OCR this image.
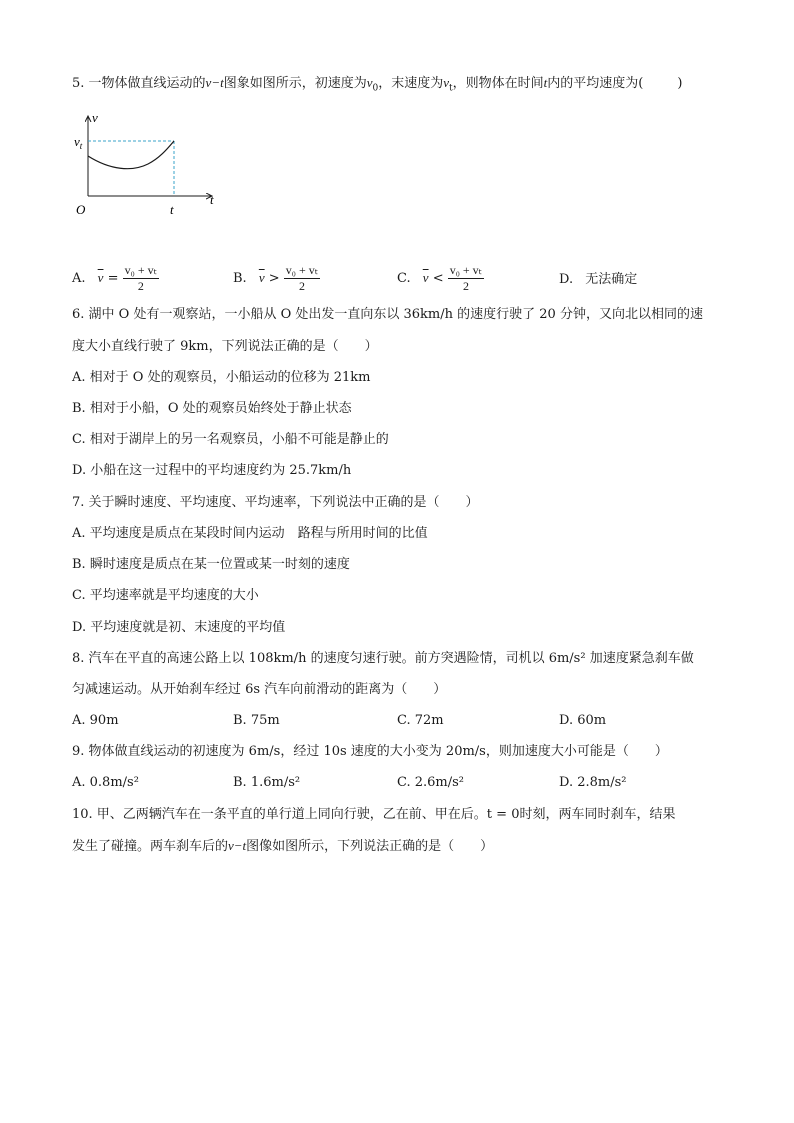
5. 一物体做直线运动的v−t图象如图所示，初速度为$v_0$，末速度为$v_t$，则物体在时间t内的平均速度为(	)
v
t
O
$v_t$
t
A. $\overline{v} = \frac{\text{v₀ + vₜ}}{2}$	B. $\overline{v} > \frac{\text{v₀ + vₜ}}{2}$	C. $\overline{v} < \frac{\text{v₀ + vₜ}}{2}$	D. 无法确定
6. 湖中 O 处有一观察站，一小船从 O 处出发一直向东以 36km/h 的速度行驶了 20 分钟，又向北以相同的速
度大小直线行驶了 9km，下列说法正确的是（　　）
A. 相对于 O 处的观察员，小船运动的位移为 21km
B. 相对于小船，O 处的观察员始终处于静止状态
C. 相对于湖岸上的另一名观察员，小船不可能是静止的
D. 小船在这一过程中的平均速度约为 25.7km/h
7. 关于瞬时速度、平均速度、平均速率，下列说法中正确的是（　　）
A. 平均速度是质点在某段时间内运动　路程与所用时间的比值
B. 瞬时速度是质点在某一位置或某一时刻的速度
C. 平均速率就是平均速度的大小
D. 平均速度就是初、末速度的平均值
8. 汽车在平直的高速公路上以 108km/h 的速度匀速行驶。前方突遇险情，司机以 6m/s² 加速度紧急刹车做
匀减速运动。从开始刹车经过 6s 汽车向前滑动的距离为（　　）
A. 90m	B. 75m	C. 72m	D. 60m
9. 物体做直线运动的初速度为 6m/s，经过 10s 速度的大小变为 20m/s，则加速度大小可能是（　　）
A. 0.8m/s²	B. 1.6m/s²	C. 2.6m/s²	D. 2.8m/s²
10. 甲、乙两辆汽车在一条平直的单行道上同向行驶，乙在前、甲在后。t = 0时刻，两车同时刹车，结果
发生了碰撞。两车刹车后的v−t图像如图所示，下列说法正确的是（　　）
